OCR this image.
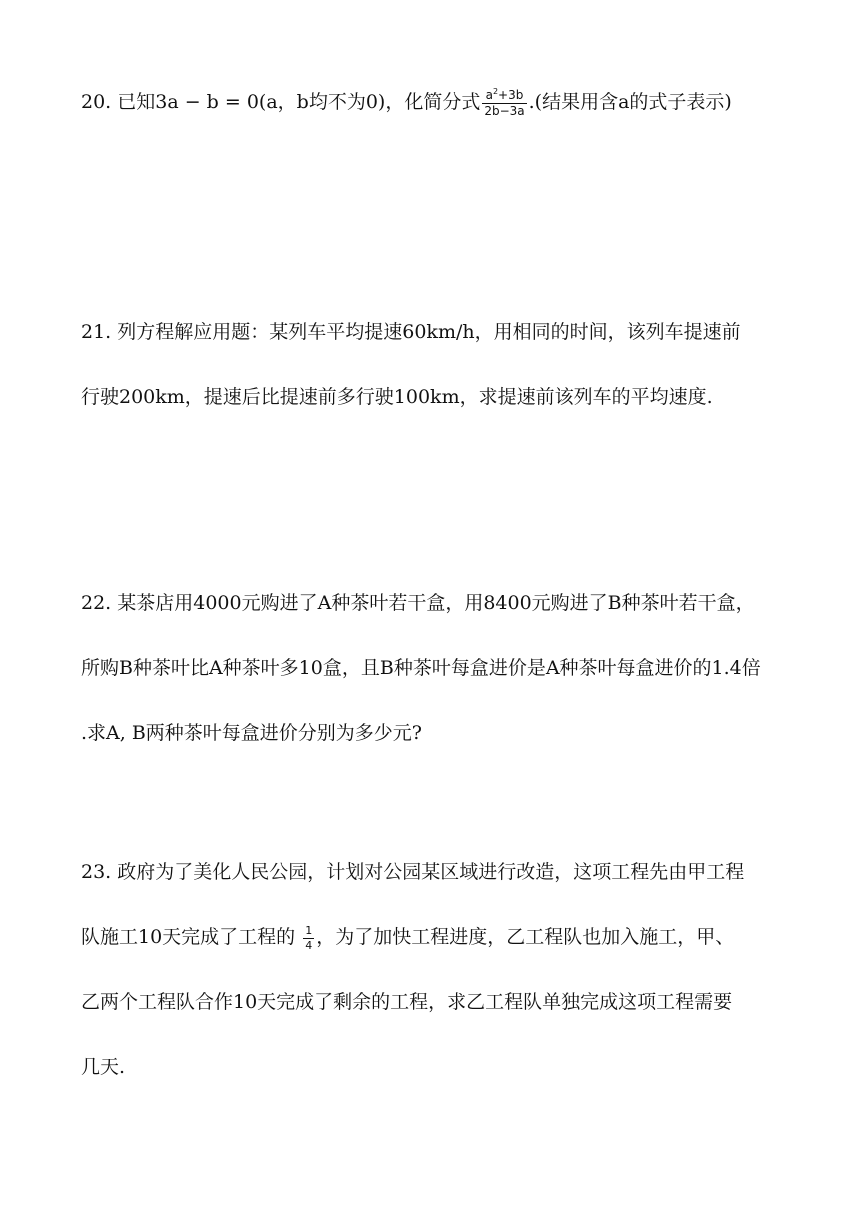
20. 已知3a − b = 0(a，b均不为0)，化简分式 $\frac{a^2+3b}{2b-3a}$ .(结果用含a的式子表示)
21. 列方程解应用题：某列车平均提速60km/h，用相同的时间，该列车提速前
行驶200km，提速后比提速前多行驶100km，求提速前该列车的平均速度.
22. 某茶店用4000元购进了A种茶叶若干盒，用8400元购进了B种茶叶若干盒，
所购B种茶叶比A种茶叶多10盒，且B种茶叶每盒进价是A种茶叶每盒进价的1.4倍
.求A, B两种茶叶每盒进价分别为多少元?
23. 政府为了美化人民公园，计划对公园某区域进行改造，这项工程先由甲工程
队施工10天完成了工程的 $\frac{1}{4}$ ，为了加快工程进度，乙工程队也加入施工，甲、
乙两个工程队合作10天完成了剩余的工程，求乙工程队单独完成这项工程需要
几天.
